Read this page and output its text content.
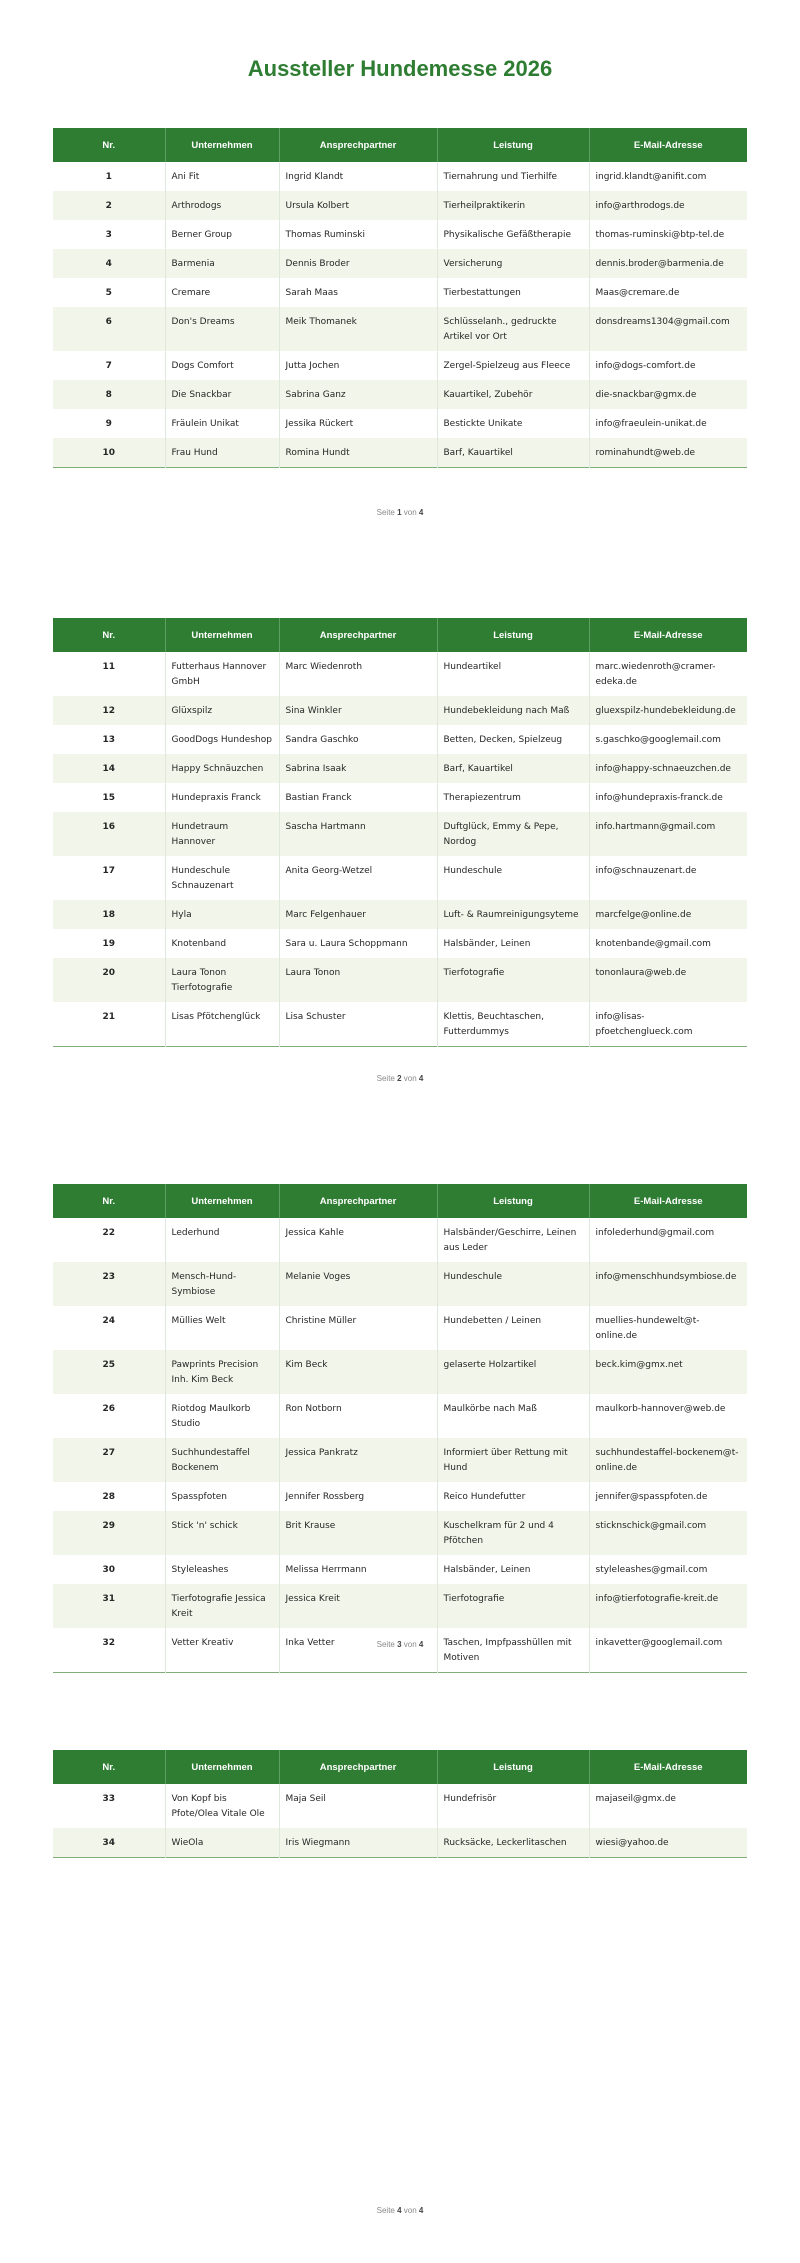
Aussteller Hundemesse 2026
Nr.	Unternehmen	Ansprechpartner	Leistung	E-Mail-Adresse
1	Ani Fit	Ingrid Klandt	Tiernahrung und Tierhilfe	ingrid.klandt@anifit.com
2	Arthrodogs	Ursula Kolbert	Tierheilpraktikerin	info@arthrodogs.de
3	Berner Group	Thomas Ruminski	Physikalische Gefäßtherapie	thomas-ruminski@btp-tel.de
4	Barmenia	Dennis Broder	Versicherung	dennis.broder@barmenia.de
5	Cremare	Sarah Maas	Tierbestattungen	Maas@cremare.de
6	Don's Dreams	Meik Thomanek	Schlüsselanh., gedruckte Artikel vor Ort	donsdreams1304@gmail.com
7	Dogs Comfort	Jutta Jochen	Zergel-Spielzeug aus Fleece	info@dogs-comfort.de
8	Die Snackbar	Sabrina Ganz	Kauartikel, Zubehör	die-snackbar@gmx.de
9	Fräulein Unikat	Jessika Rückert	Bestickte Unikate	info@fraeulein-unikat.de
10	Frau Hund	Romina Hundt	Barf, Kauartikel	rominahundt@web.de
Nr.	Unternehmen	Ansprechpartner	Leistung	E-Mail-Adresse
11	Futterhaus Hannover GmbH	Marc Wiedenroth	Hundeartikel	marc.wiedenroth@cramer-edeka.de
12	Glüxspilz	Sina Winkler	Hundebekleidung nach Maß	gluexspilz-hundebekleidung.de
13	GoodDogs Hundeshop	Sandra Gaschko	Betten, Decken, Spielzeug	s.gaschko@googlemail.com
14	Happy Schnäuzchen	Sabrina Isaak	Barf, Kauartikel	info@happy-schnaeuzchen.de
15	Hundepraxis Franck	Bastian Franck	Therapiezentrum	info@hundepraxis-franck.de
16	Hundetraum Hannover	Sascha Hartmann	Duftglück, Emmy & Pepe, Nordog	info.hartmann@gmail.com
17	Hundeschule Schnauzenart	Anita Georg-Wetzel	Hundeschule	info@schnauzenart.de
18	Hyla	Marc Felgenhauer	Luft- & Raumreinigungsyteme	marcfelge@online.de
19	Knotenband	Sara u. Laura Schoppmann	Halsbänder, Leinen	knotenbande@gmail.com
20	Laura Tonon Tierfotografie	Laura Tonon	Tierfotografie	tononlaura@web.de
21	Lisas Pfötchenglück	Lisa Schuster	Klettis, Beuchtaschen, Futterdummys	info@lisas-pfoetchenglueck.com
Nr.	Unternehmen	Ansprechpartner	Leistung	E-Mail-Adresse
22	Lederhund	Jessica Kahle	Halsbänder/Geschirre, Leinen aus Leder	infolederhund@gmail.com
23	Mensch-Hund-Symbiose	Melanie Voges	Hundeschule	info@menschhundsymbiose.de
24	Müllies Welt	Christine Müller	Hundebetten / Leinen	muellies-hundewelt@t-online.de
25	Pawprints Precision Inh. Kim Beck	Kim Beck	gelaserte Holzartikel	beck.kim@gmx.net
26	Riotdog Maulkorb Studio	Ron Notborn	Maulkörbe nach Maß	maulkorb-hannover@web.de
27	Suchhundestaffel Bockenem	Jessica Pankratz	Informiert über Rettung mit Hund	suchhundestaffel-bockenem@t-online.de
28	Spasspfoten	Jennifer Rossberg	Reico Hundefutter	jennifer@spasspfoten.de
29	Stick 'n' schick	Brit Krause	Kuschelkram für 2 und 4 Pfötchen	sticknschick@gmail.com
30	Styleleashes	Melissa Herrmann	Halsbänder, Leinen	styleleashes@gmail.com
31	Tierfotografie Jessica Kreit	Jessica Kreit	Tierfotografie	info@tierfotografie-kreit.de
32	Vetter Kreativ	Inka Vetter	Taschen, Impfpasshüllen mit Motiven	inkavetter@googlemail.com
Nr.	Unternehmen	Ansprechpartner	Leistung	E-Mail-Adresse
33	Von Kopf bis Pfote/Olea Vitale Ole	Maja Seil	Hundefrisör	majaseil@gmx.de
34	WieOla	Iris Wiegmann	Rucksäcke, Leckerlitaschen	wiesi@yahoo.de
Seite 1 von 4
Seite 2 von 4
Seite 3 von 4
Seite 4 von 4
